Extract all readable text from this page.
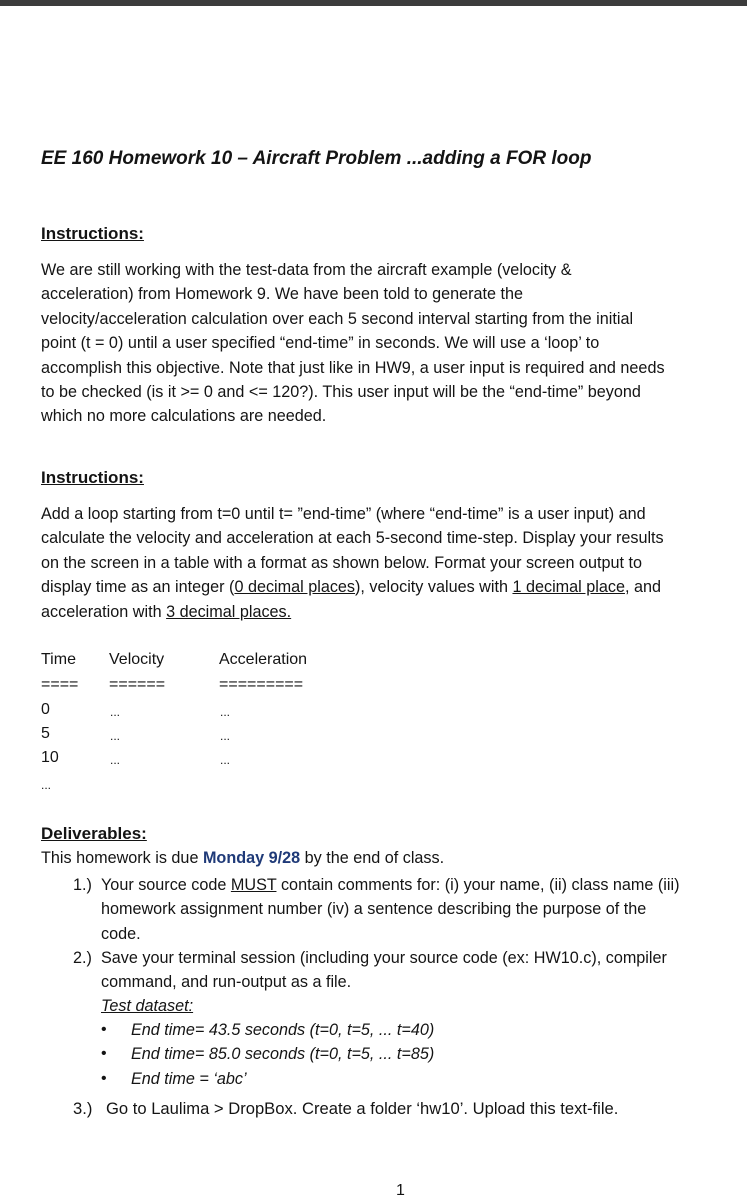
EE 160 Homework 10 – Aircraft Problem ...adding a FOR loop
Instructions:
We are still working with the test-data from the aircraft example (velocity &
acceleration) from Homework 9. We have been told to generate the
velocity/acceleration calculation over each 5 second interval starting from the initial
point (t = 0) until a user specified “end-time” in seconds. We will use a ‘loop’ to
accomplish this objective. Note that just like in HW9, a user input is required and needs
to be checked (is it >= 0 and <= 120?). This user input will be the “end-time” beyond
which no more calculations are needed.
Instructions:
Add a loop starting from t=0 until t= ”end-time” (where “end-time” is a user input) and
calculate the velocity and acceleration at each 5-second time-step. Display your results
on the screen in a table with a format as shown below. Format your screen output to
display time as an integer (0 decimal places), velocity values with 1 decimal place, and
acceleration with 3 decimal places.
Time Velocity	Acceleration
==== ======	=========
0	...	...
5	...	...
10	...	...
...
Deliverables:
This homework is due Monday 9/28 by the end of class.
1.) Your source code MUST contain comments for: (i) your name, (ii) class name (iii)
homework assignment number (iv) a sentence describing the purpose of the
code.
2.) Save your terminal session (including your source code (ex: HW10.c), compiler
command, and run-output as a file.
Test dataset:
• End time= 43.5 seconds (t=0, t=5, ... t=40)
• End time= 85.0 seconds (t=0, t=5, ... t=85)
• End time = ‘abc’
3.) Go to Laulima > DropBox. Create a folder ‘hw10’. Upload this text-file.
1
